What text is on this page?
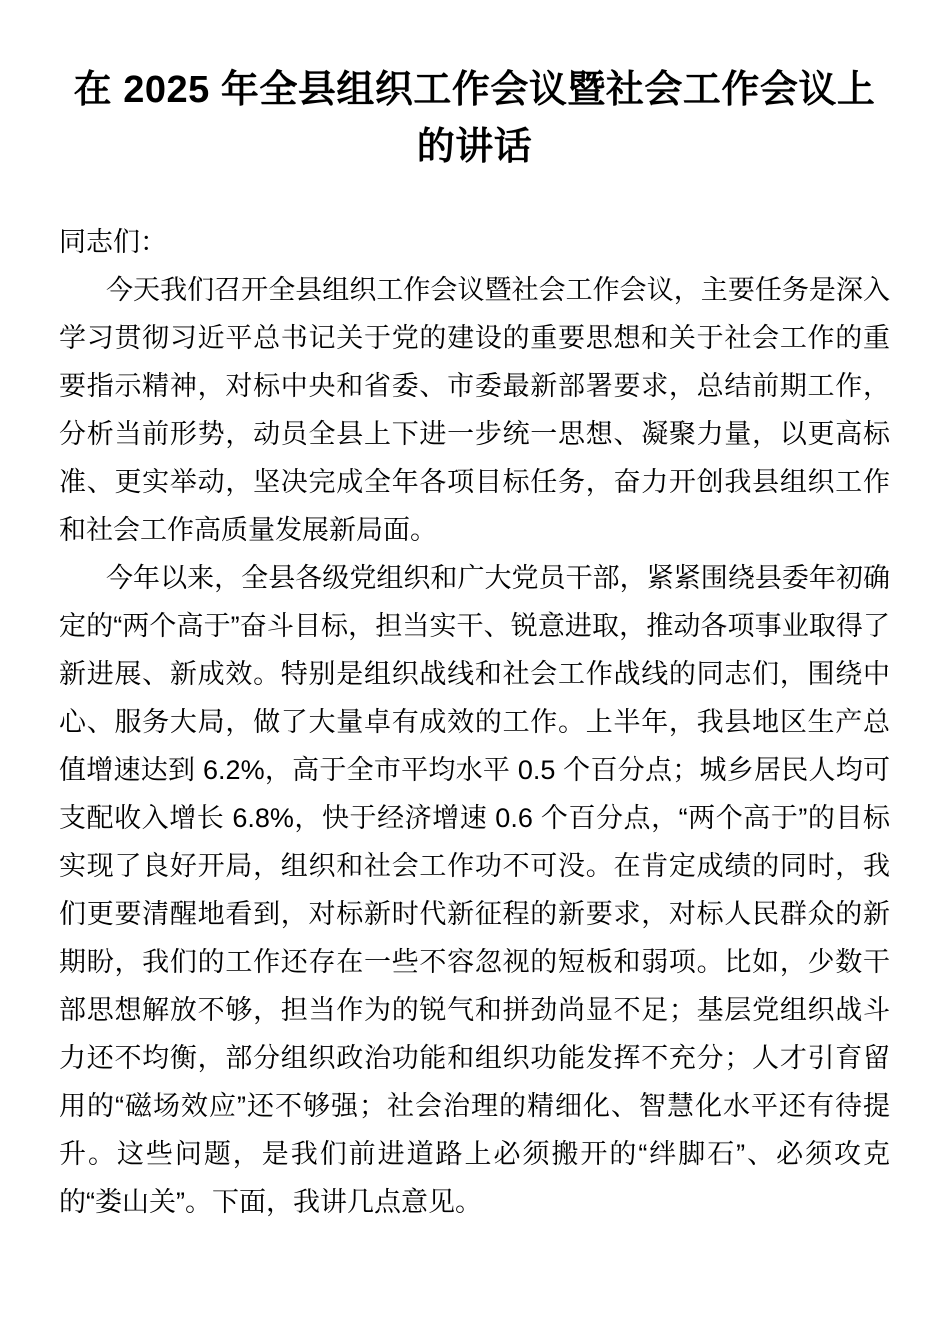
在 2025 年全县组织工作会议暨社会工作会议上的讲话

同志们：

今天我们召开全县组织工作会议暨社会工作会议，主要任务是深入学习贯彻习近平总书记关于党的建设的重要思想和关于社会工作的重要指示精神，对标中央和省委、市委最新部署要求，总结前期工作，分析当前形势，动员全县上下进一步统一思想、凝聚力量，以更高标准、更实举动，坚决完成全年各项目标任务，奋力开创我县组织工作和社会工作高质量发展新局面。

今年以来，全县各级党组织和广大党员干部，紧紧围绕县委年初确定的“两个高于”奋斗目标，担当实干、锐意进取，推动各项事业取得了新进展、新成效。特别是组织战线和社会工作战线的同志们，围绕中心、服务大局，做了大量卓有成效的工作。上半年，我县地区生产总值增速达到 6.2%，高于全市平均水平 0.5 个百分点；城乡居民人均可支配收入增长 6.8%，快于经济增速 0.6 个百分点，“两个高于”的目标实现了良好开局，组织和社会工作功不可没。在肯定成绩的同时，我们更要清醒地看到，对标新时代新征程的新要求，对标人民群众的新期盼，我们的工作还存在一些不容忽视的短板和弱项。比如，少数干部思想解放不够，担当作为的锐气和拼劲尚显不足；基层党组织战斗力还不均衡，部分组织政治功能和组织功能发挥不充分；人才引育留用的“磁场效应”还不够强；社会治理的精细化、智慧化水平还有待提升。这些问题，是我们前进道路上必须搬开的“绊脚石”、必须攻克的“娄山关”。下面，我讲几点意见。
